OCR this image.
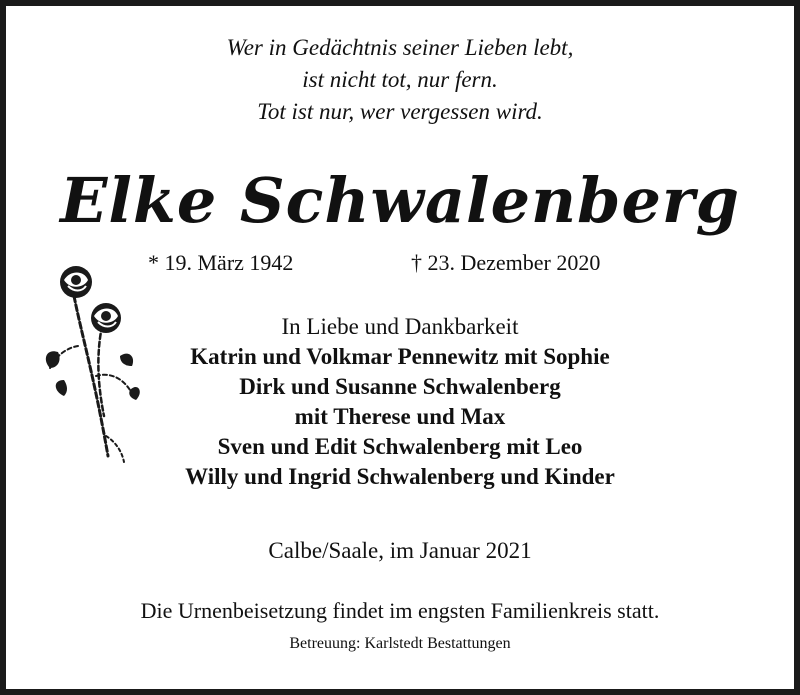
Wer in Gedächtnis seiner Lieben lebt,
ist nicht tot, nur fern.
Tot ist nur, wer vergessen wird.
Elke Schwalenberg
* 19. März 1942	† 23. Dezember 2020
In Liebe und Dankbarkeit
Katrin und Volkmar Pennewitz mit Sophie
Dirk und Susanne Schwalenberg
mit Therese und Max
Sven und Edit Schwalenberg mit Leo
Willy und Ingrid Schwalenberg und Kinder
Calbe/Saale, im Januar 2021
Die Urnenbeisetzung findet im engsten Familienkreis statt.
Betreuung: Karlstedt Bestattungen
